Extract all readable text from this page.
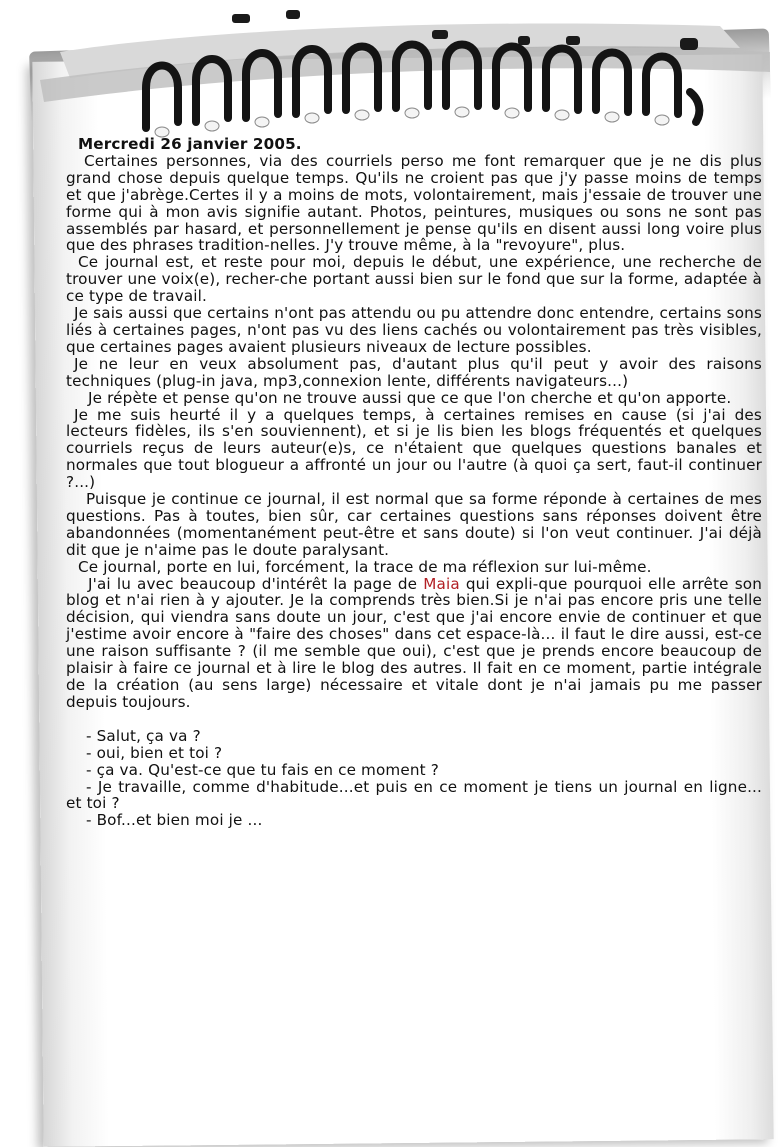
Mercredi 26 janvier 2005.

Certaines personnes, via des courriels perso me font remarquer que je ne dis plus grand chose depuis quelque temps. Qu'ils ne croient pas que j'y passe moins de temps et que j'abrège.Certes il y a moins de mots, volontairement, mais j'essaie de trouver une forme qui à mon avis signifie autant. Photos, peintures, musiques ou sons ne sont pas assemblés par hasard, et personnellement je pense qu'ils en disent aussi long voire plus que des phrases tradition-nelles. J'y trouve même, à la "revoyure", plus.

Ce journal est, et reste pour moi, depuis le début, une expérience, une recherche de trouver une voix(e), recher-che portant aussi bien sur le fond que sur la forme, adaptée à ce type de travail.

Je sais aussi que certains n'ont pas attendu ou pu attendre donc entendre, certains sons liés à certaines pages, n'ont pas vu des liens cachés ou volontairement pas très visibles, que certaines pages avaient plusieurs niveaux de lecture possibles.

Je ne leur en veux absolument pas, d'autant plus qu'il peut y avoir des raisons techniques (plug-in java, mp3,connexion lente, différents navigateurs...)

Je répète et pense qu'on ne trouve aussi que ce que l'on cherche et qu'on apporte.

Je me suis heurté il y a quelques temps, à certaines remises en cause (si j'ai des lecteurs fidèles, ils s'en souviennent), et si je lis bien les blogs fréquentés et quelques courriels reçus de leurs auteur(e)s, ce n'étaient que quelques questions banales et normales que tout blogueur a affronté un jour ou l'autre (à quoi ça sert, faut-il continuer ?...)

Puisque je continue ce journal, il est normal que sa forme réponde à certaines de mes questions. Pas à toutes, bien sûr, car certaines questions sans réponses doivent être abandonnées (momentanément peut-être et sans doute) si l'on veut continuer. J'ai déjà dit que je n'aime pas le doute paralysant.

Ce journal, porte en lui, forcément, la trace de ma réflexion sur lui-même.

J'ai lu avec beaucoup d'intérêt la page de Maia qui expli-que pourquoi elle arrête son blog et n'ai rien à y ajouter. Je la comprends très bien.Si je n'ai pas encore pris une telle décision, qui viendra sans doute un jour, c'est que j'ai encore envie de continuer et que j'estime avoir encore à "faire des choses" dans cet espace-là... il faut le dire aussi, est-ce une raison suffisante ? (il me semble que oui), c'est que je prends encore beaucoup de plaisir à faire ce journal et à lire le blog des autres. Il fait en ce moment, partie intégrale de la création (au sens large) nécessaire et vitale dont je n'ai jamais pu me passer depuis toujours.

- Salut, ça va ?

- oui, bien et toi ?

- ça va. Qu'est-ce que tu fais en ce moment ?

- Je travaille, comme d'habitude...et puis en ce moment je tiens un journal en ligne... et toi ?

- Bof...et bien moi je ...
